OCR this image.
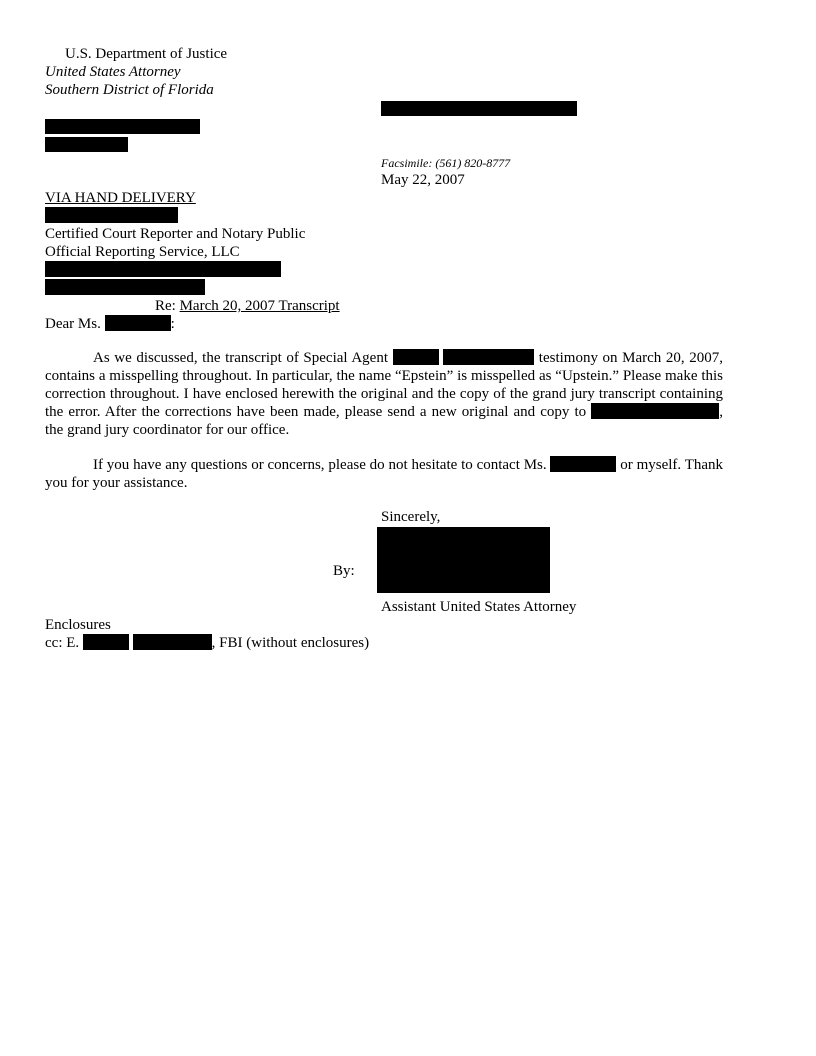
U.S. Department of Justice
United States Attorney
Southern District of Florida
Facsimile: (561) 820-8777
May 22, 2007
VIA HAND DELIVERY
Certified Court Reporter and Notary Public
Official Reporting Service, LLC
Re: March 20, 2007 Transcript
Dear Ms.	:
As we discussed, the transcript of Special Agent	testimony on March 20, 2007, contains a misspelling throughout. In particular, the name “Epstein” is misspelled as “Upstein.” Please make this correction throughout. I have enclosed herewith the original and the copy of the grand jury transcript containing the error. After the corrections have been made, please send a new original and copy to	, the grand jury coordinator for our office.
If you have any questions or concerns, please do not hesitate to contact Ms.	or myself. Thank you for your assistance.
Sincerely,
By:
Assistant United States Attorney
Enclosures
cc: E.	, FBI (without enclosures)
